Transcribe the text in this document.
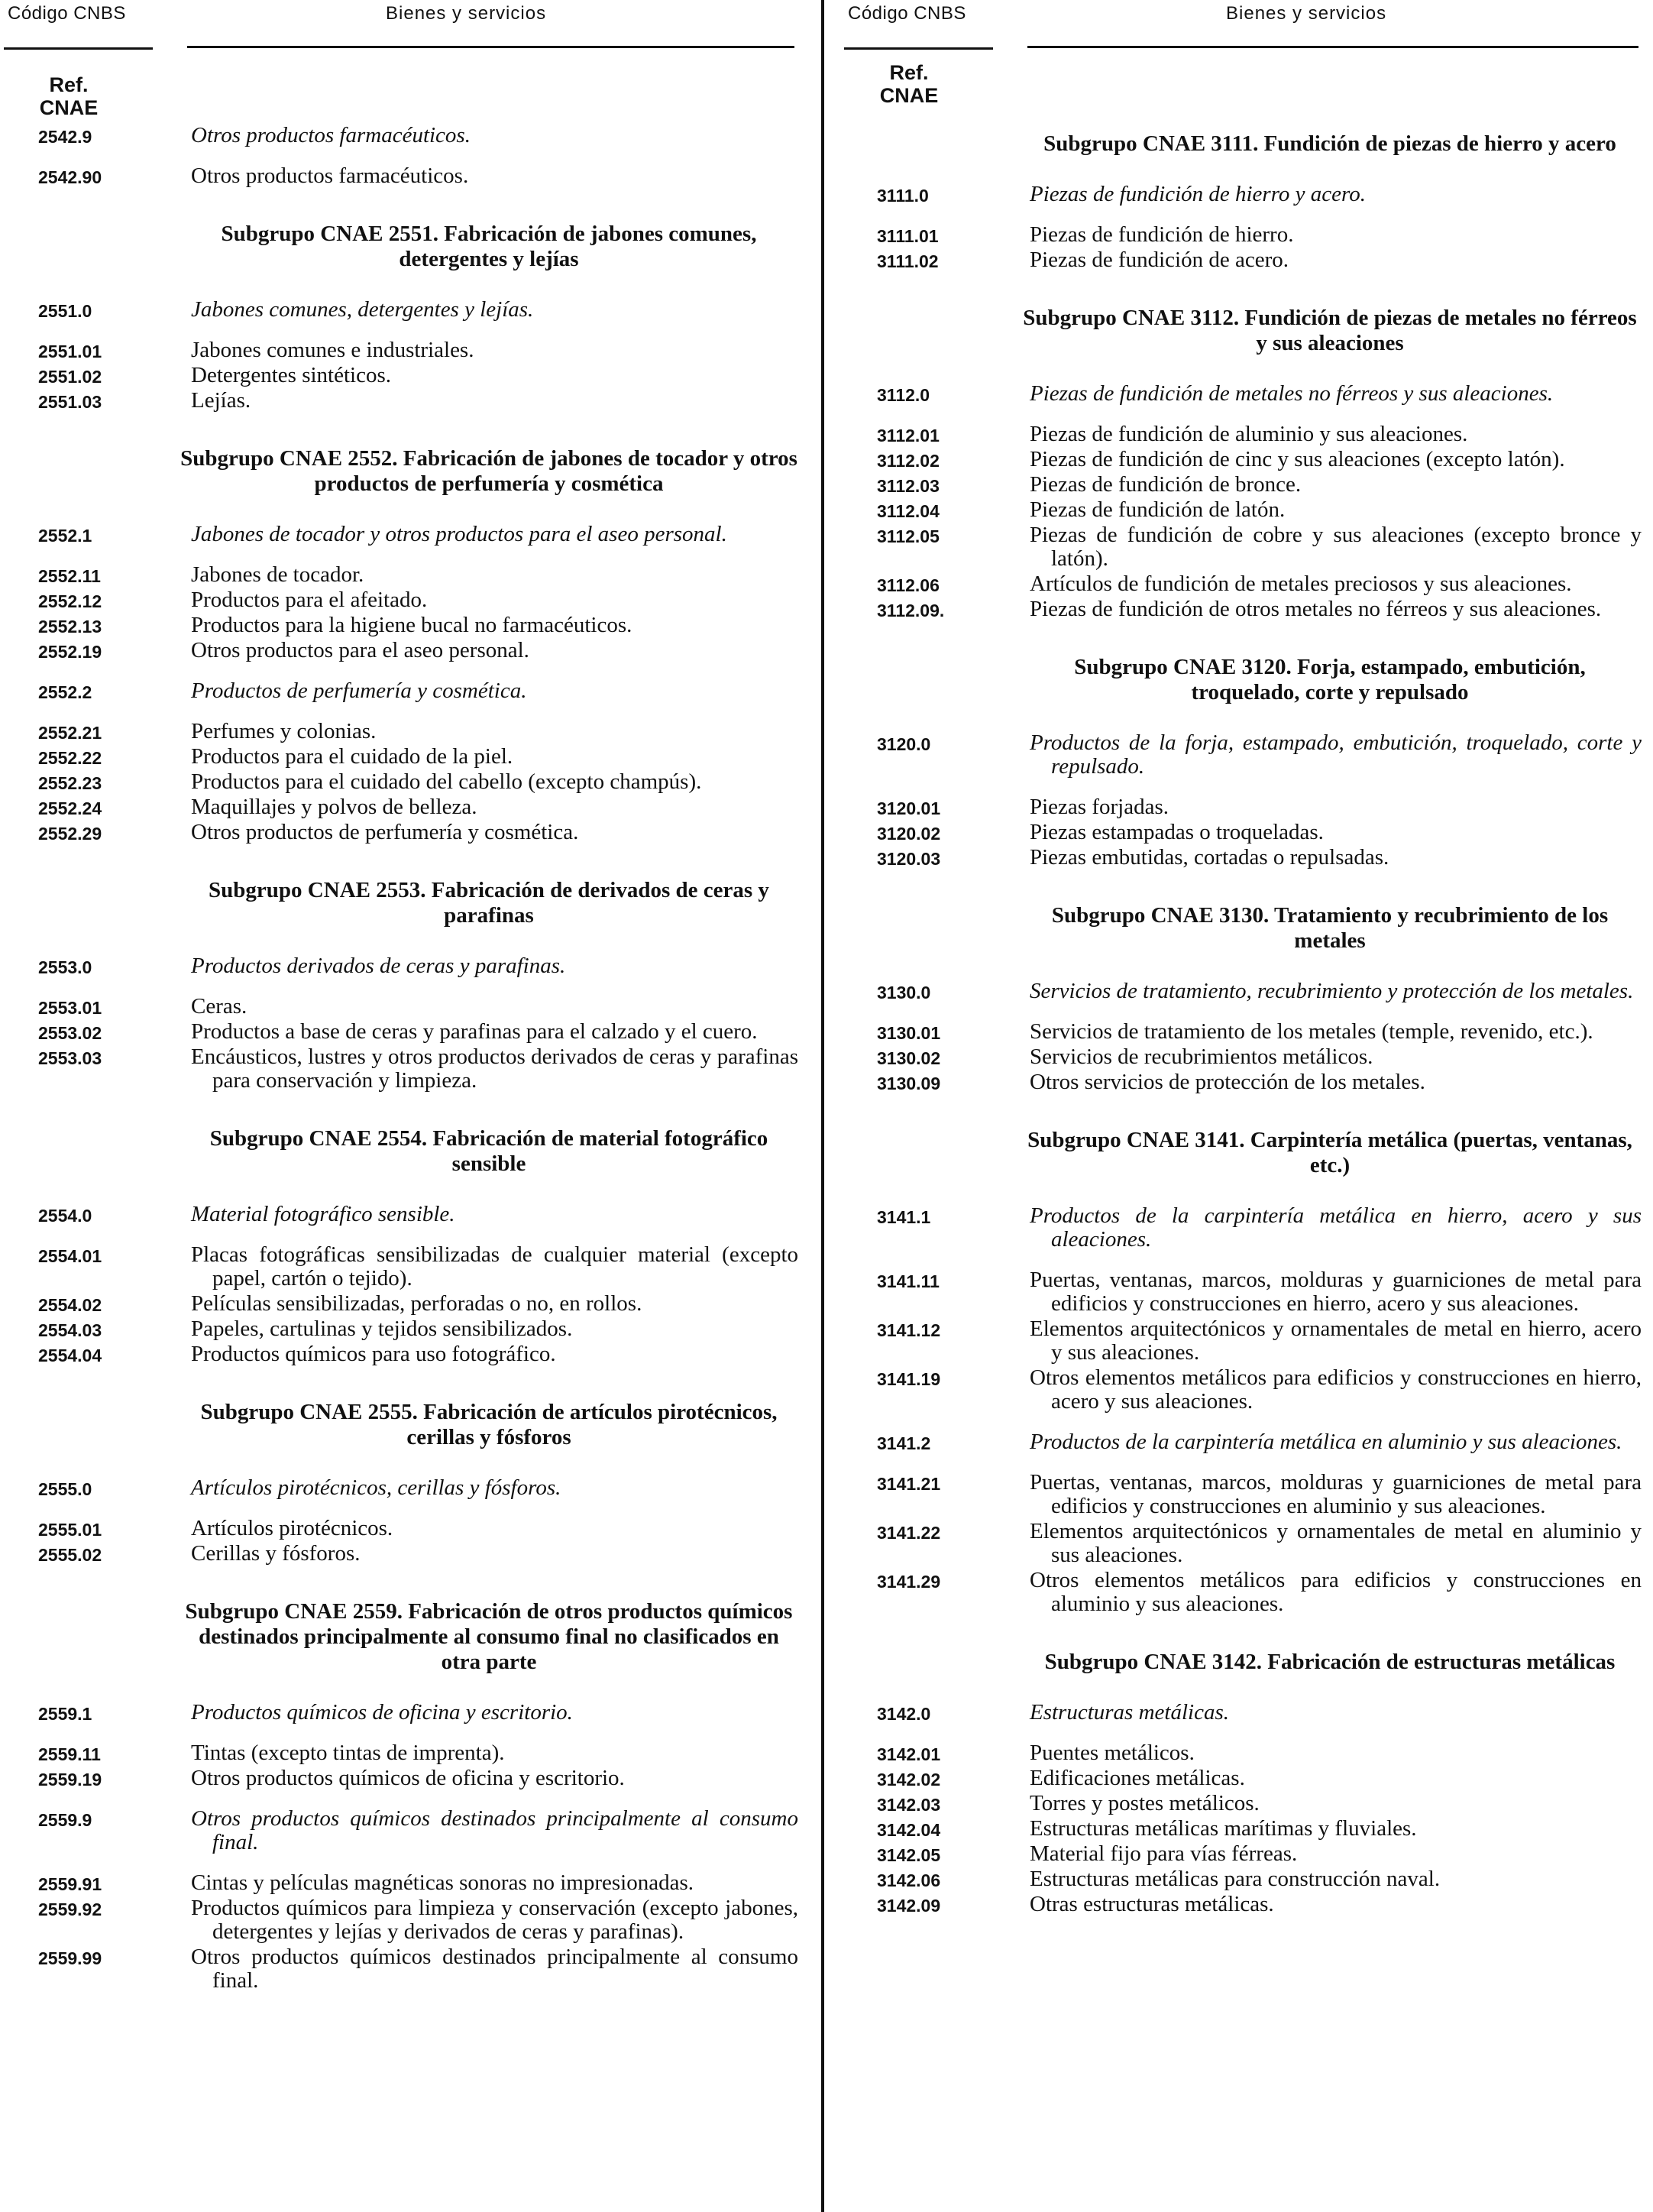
Código CNBS	Bienes y servicios
Ref.
CNAE
2542.9	Otros productos farmacéuticos.
2542.90	Otros productos farmacéuticos.

Subgrupo CNAE 2551. Fabricación de jabones comunes, detergentes y lejías

2551.0	Jabones comunes, detergentes y lejías.
2551.01	Jabones comunes e industriales.
2551.02	Detergentes sintéticos.
2551.03	Lejías.

Subgrupo CNAE 2552. Fabricación de jabones de tocador y otros productos de perfumería y cosmética

2552.1	Jabones de tocador y otros productos para el aseo personal.
2552.11	Jabones de tocador.
2552.12	Productos para el afeitado.
2552.13	Productos para la higiene bucal no farmacéuticos.
2552.19	Otros productos para el aseo personal.
2552.2	Productos de perfumería y cosmética.
2552.21	Perfumes y colonias.
2552.22	Productos para el cuidado de la piel.
2552.23	Productos para el cuidado del cabello (excepto champús).
2552.24	Maquillajes y polvos de belleza.
2552.29	Otros productos de perfumería y cosmética.

Subgrupo CNAE 2553. Fabricación de derivados de ceras y parafinas

2553.0	Productos derivados de ceras y parafinas.
2553.01	Ceras.
2553.02	Productos a base de ceras y parafinas para el calzado y el cuero.
2553.03	Encáusticos, lustres y otros productos derivados de ceras y parafinas para conservación y limpieza.

Subgrupo CNAE 2554. Fabricación de material fotográfico sensible

2554.0	Material fotográfico sensible.
2554.01	Placas fotográficas sensibilizadas de cualquier material (excepto papel, cartón o tejido).
2554.02	Películas sensibilizadas, perforadas o no, en rollos.
2554.03	Papeles, cartulinas y tejidos sensibilizados.
2554.04	Productos químicos para uso fotográfico.

Subgrupo CNAE 2555. Fabricación de artículos pirotécnicos, cerillas y fósforos

2555.0	Artículos pirotécnicos, cerillas y fósforos.
2555.01	Artículos pirotécnicos.
2555.02	Cerillas y fósforos.

Subgrupo CNAE 2559. Fabricación de otros productos químicos destinados principalmente al consumo final no clasificados en otra parte

2559.1	Productos químicos de oficina y escritorio.
2559.11	Tintas (excepto tintas de imprenta).
2559.19	Otros productos químicos de oficina y escritorio.
2559.9	Otros productos químicos destinados principalmente al consumo final.
2559.91	Cintas y películas magnéticas sonoras no impresionadas.
2559.92	Productos químicos para limpieza y conservación (excepto jabones, detergentes y lejías y derivados de ceras y parafinas).
2559.99	Otros productos químicos destinados principalmente al consumo final.
Código CNBS	Bienes y servicios
Ref.
CNAE

Subgrupo CNAE 3111. Fundición de piezas de hierro y acero

3111.0	Piezas de fundición de hierro y acero.
3111.01	Piezas de fundición de hierro.
3111.02	Piezas de fundición de acero.

Subgrupo CNAE 3112. Fundición de piezas de metales no férreos y sus aleaciones

3112.0	Piezas de fundición de metales no férreos y sus aleaciones.
3112.01	Piezas de fundición de aluminio y sus aleaciones.
3112.02	Piezas de fundición de cinc y sus aleaciones (excepto latón).
3112.03	Piezas de fundición de bronce.
3112.04	Piezas de fundición de latón.
3112.05	Piezas de fundición de cobre y sus aleaciones (excepto bronce y latón).
3112.06	Artículos de fundición de metales preciosos y sus aleaciones.
3112.09.	Piezas de fundición de otros metales no férreos y sus aleaciones.

Subgrupo CNAE 3120. Forja, estampado, embutición, troquelado, corte y repulsado

3120.0	Productos de la forja, estampado, embutición, troquelado, corte y repulsado.
3120.01	Piezas forjadas.
3120.02	Piezas estampadas o troqueladas.
3120.03	Piezas embutidas, cortadas o repulsadas.

Subgrupo CNAE 3130. Tratamiento y recubrimiento de los metales

3130.0	Servicios de tratamiento, recubrimiento y protección de los metales.
3130.01	Servicios de tratamiento de los metales (temple, revenido, etc.).
3130.02	Servicios de recubrimientos metálicos.
3130.09	Otros servicios de protección de los metales.

Subgrupo CNAE 3141. Carpintería metálica (puertas, ventanas, etc.)

3141.1	Productos de la carpintería metálica en hierro, acero y sus aleaciones.
3141.11	Puertas, ventanas, marcos, molduras y guarniciones de metal para edificios y construcciones en hierro, acero y sus aleaciones.
3141.12	Elementos arquitectónicos y ornamentales de metal en hierro, acero y sus aleaciones.
3141.19	Otros elementos metálicos para edificios y construcciones en hierro, acero y sus aleaciones.
3141.2	Productos de la carpintería metálica en aluminio y sus aleaciones.
3141.21	Puertas, ventanas, marcos, molduras y guarniciones de metal para edificios y construcciones en aluminio y sus aleaciones.
3141.22	Elementos arquitectónicos y ornamentales de metal en aluminio y sus aleaciones.
3141.29	Otros elementos metálicos para edificios y construcciones en aluminio y sus aleaciones.

Subgrupo CNAE 3142. Fabricación de estructuras metálicas

3142.0	Estructuras metálicas.
3142.01	Puentes metálicos.
3142.02	Edificaciones metálicas.
3142.03	Torres y postes metálicos.
3142.04	Estructuras metálicas marítimas y fluviales.
3142.05	Material fijo para vías férreas.
3142.06	Estructuras metálicas para construcción naval.
3142.09	Otras estructuras metálicas.
